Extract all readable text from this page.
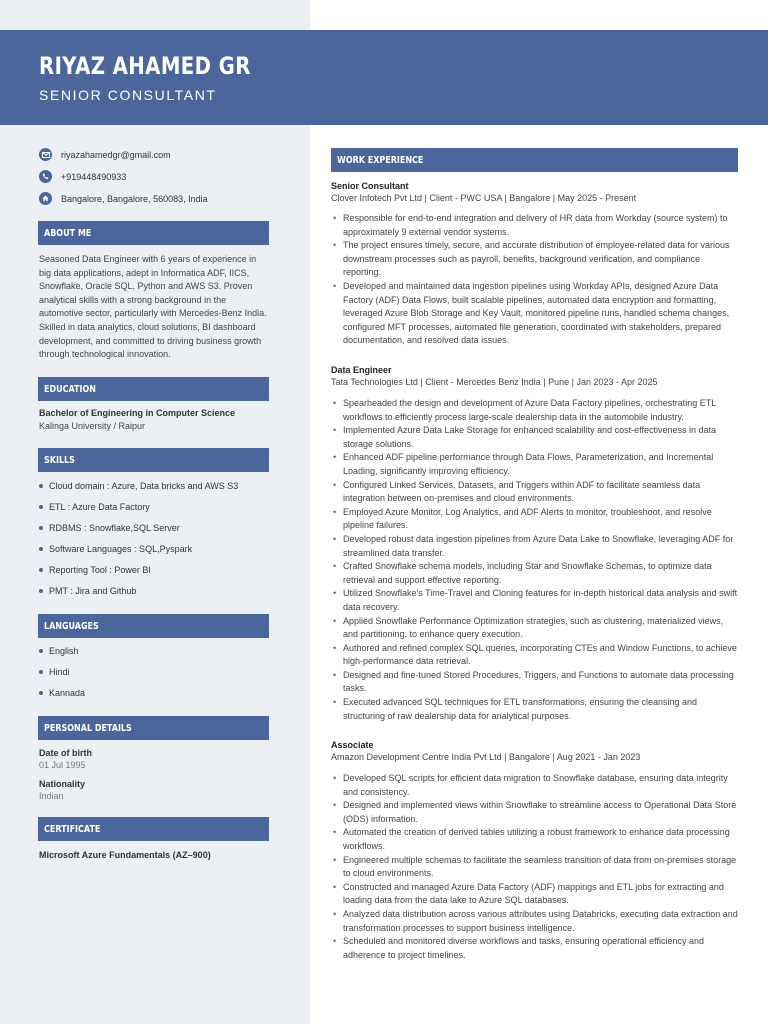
RIYAZ AHAMED GR
SENIOR CONSULTANT
riyazahamedgr@gmail.com
+919448490933
Bangalore, Bangalore, 560083, India
ABOUT ME
Seasoned Data Engineer with 6 years of experience in big data applications, adept in Informatica ADF, IICS, Snowflake, Oracle SQL, Python and AWS S3. Proven analytical skills with a strong background in the automotive sector, particularly with Mercedes-Benz India. Skilled in data analytics, cloud solutions, BI dashboard development, and committed to driving business growth through technological innovation.
EDUCATION
Bachelor of Engineering in Computer Science
Kalinga University / Raipur
SKILLS
Cloud domain : Azure, Data bricks and AWS S3
ETL : Azure Data Factory
RDBMS : Snowflake,SQL Server
Software Languages : SQL,Pyspark
Reporting Tool : Power BI
PMT : Jira and Github
LANGUAGES
English
Hindi
Kannada
PERSONAL DETAILS
Date of birth
01 Jul 1995
Nationality
Indian
CERTIFICATE
Microsoft Azure Fundamentals (AZ–900)
WORK EXPERIENCE
Senior Consultant
Clover Infotech Pvt Ltd | Client - PWC USA | Bangalore | May 2025 - Present
• Responsible for end-to-end integration and delivery of HR data from Workday (source system) to approximately 9 external vendor systems.
• The project ensures timely, secure, and accurate distribution of employee-related data for various downstream processes such as payroll, benefits, background verification, and compliance reporting.
• Developed and maintained data ingestion pipelines using Workday APIs, designed Azure Data Factory (ADF) Data Flows, built scalable pipelines, automated data encryption and formatting, leveraged Azure Blob Storage and Key Vault, monitored pipeline runs, handled schema changes, configured MFT processes, automated file generation, coordinated with stakeholders, prepared documentation, and resolved data issues.
Data Engineer
Tata Technologies Ltd | Client - Mercedes Benz India | Pune | Jan 2023 - Apr 2025
• Spearheaded the design and development of Azure Data Factory pipelines, orchestrating ETL workflows to efficiently process large-scale dealership data in the automobile industry.
• Implemented Azure Data Lake Storage for enhanced scalability and cost-effectiveness in data storage solutions.
• Enhanced ADF pipeline performance through Data Flows, Parameterization, and Incremental Loading, significantly improving efficiency.
• Configured Linked Services, Datasets, and Triggers within ADF to facilitate seamless data integration between on-premises and cloud environments.
• Employed Azure Monitor, Log Analytics, and ADF Alerts to monitor, troubleshoot, and resolve pipeline failures.
• Developed robust data ingestion pipelines from Azure Data Lake to Snowflake, leveraging ADF for streamlined data transfer.
• Crafted Snowflake schema models, including Star and Snowflake Schemas, to optimize data retrieval and support effective reporting.
• Utilized Snowflake's Time-Travel and Cloning features for in-depth historical data analysis and swift data recovery.
• Applied Snowflake Performance Optimization strategies, such as clustering, materialized views, and partitioning, to enhance query execution.
• Authored and refined complex SQL queries, incorporating CTEs and Window Functions, to achieve high-performance data retrieval.
• Designed and fine-tuned Stored Procedures, Triggers, and Functions to automate data processing tasks.
• Executed advanced SQL techniques for ETL transformations, ensuring the cleansing and structuring of raw dealership data for analytical purposes.
Associate
Amazon Development Centre India Pvt Ltd | Bangalore | Aug 2021 - Jan 2023
• Developed SQL scripts for efficient data migration to Snowflake database, ensuring data integrity and consistency.
• Designed and implemented views within Snowflake to streamline access to Operational Data Store (ODS) information.
• Automated the creation of derived tables utilizing a robust framework to enhance data processing workflows.
• Engineered multiple schemas to facilitate the seamless transition of data from on-premises storage to cloud environments.
• Constructed and managed Azure Data Factory (ADF) mappings and ETL jobs for extracting and loading data from the data lake to Azure SQL databases.
• Analyzed data distribution across various attributes using Databricks, executing data extraction and transformation processes to support business intelligence.
• Scheduled and monitored diverse workflows and tasks, ensuring operational efficiency and adherence to project timelines.
